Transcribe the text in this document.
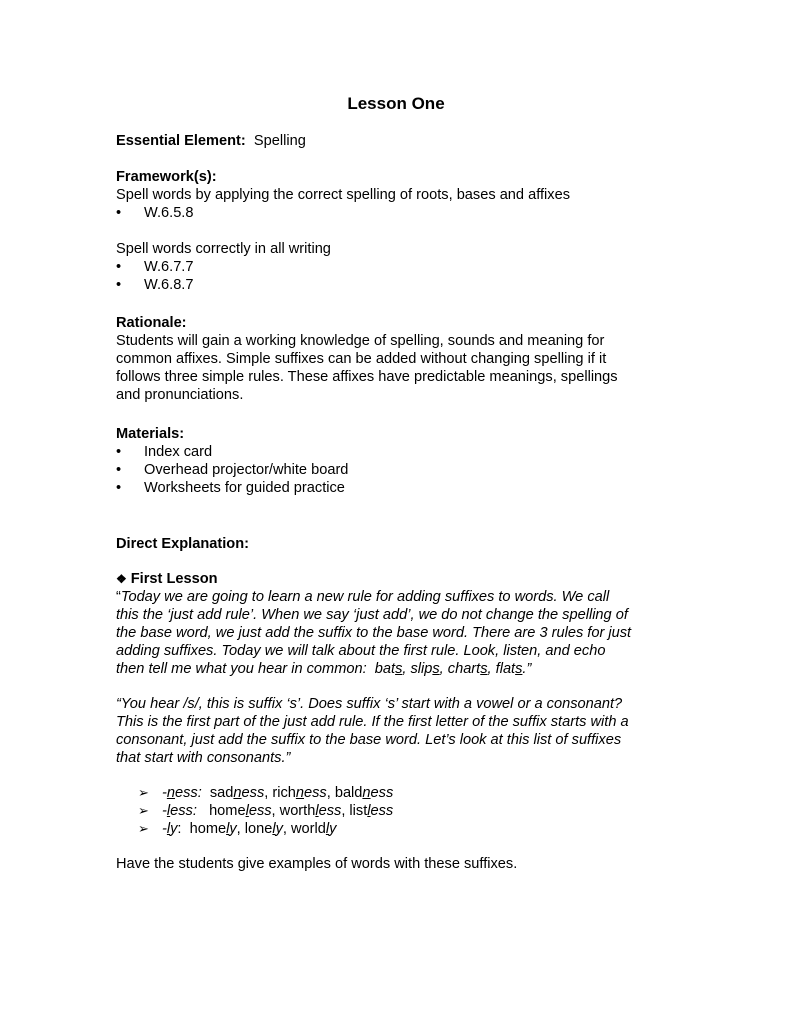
Lesson One
Essential Element: Spelling
Framework(s):
Spell words by applying the correct spelling of roots, bases and affixes
• W.6.5.8
Spell words correctly in all writing
• W.6.7.7
• W.6.8.7
Rationale:
Students will gain a working knowledge of spelling, sounds and meaning for
common affixes. Simple suffixes can be added without changing spelling if it
follows three simple rules. These affixes have predictable meanings, spellings
and pronunciations.
Materials:
• Index card
• Overhead projector/white board
• Worksheets for guided practice
Direct Explanation:
❖ First Lesson
“Today we are going to learn a new rule for adding suffixes to words. We call
this the ‘just add rule’. When we say ‘just add’, we do not change the spelling of
the base word, we just add the suffix to the base word. There are 3 rules for just
adding suffixes. Today we will talk about the first rule. Look, listen, and echo
then tell me what you hear in common:  bats, slips, charts, flats.”
“You hear /s/, this is suffix ‘s’. Does suffix ‘s’ start with a vowel or a consonant?
This is the first part of the just add rule. If the first letter of the suffix starts with a
consonant, just add the suffix to the base word. Let’s look at this list of suffixes
that start with consonants.”
➢ -ness: sadness, richness, baldness
➢ -less: homeless, worthless, listless
➢ -ly:  homely, lonely, worldly
Have the students give examples of words with these suffixes.
